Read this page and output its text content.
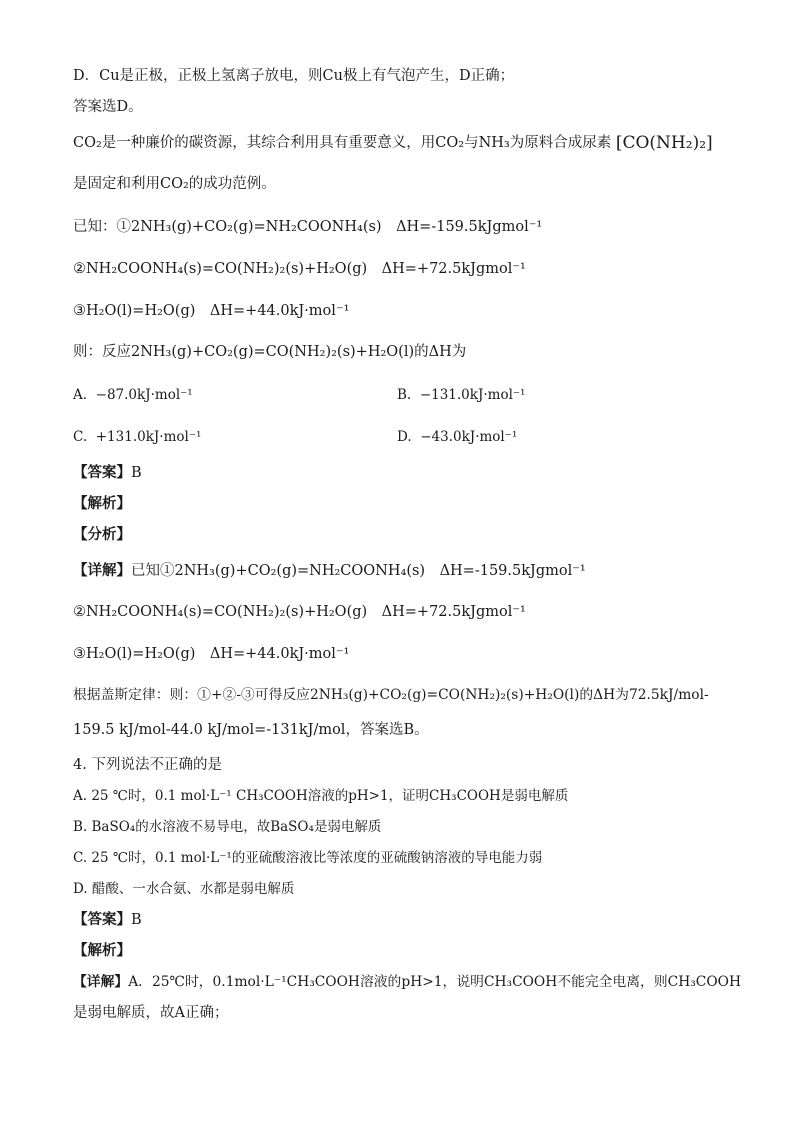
D．Cu是正极，正极上氢离子放电，则Cu极上有气泡产生，D正确；
答案选D。
CO₂是一种廉价的碳资源，其综合利用具有重要意义，用CO₂与NH₃为原料合成尿素 [CO(NH₂)₂]
是固定和利用CO₂的成功范例。
已知：①2NH₃(g)+CO₂(g)=NH₂COONH₄(s)　ΔH=-159.5kJgmol⁻¹
②NH₂COONH₄(s)=CO(NH₂)₂(s)+H₂O(g)　ΔH=+72.5kJgmol⁻¹
③H₂O(l)=H₂O(g)　ΔH=+44.0kJ·mol⁻¹
则：反应2NH₃(g)+CO₂(g)=CO(NH₂)₂(s)+H₂O(l)的ΔH为
A. −87.0kJ·mol⁻¹	B. −131.0kJ·mol⁻¹
C. +131.0kJ·mol⁻¹	D. −43.0kJ·mol⁻¹
【答案】B
【解析】
【分析】
【详解】已知①2NH₃(g)+CO₂(g)=NH₂COONH₄(s)　ΔH=-159.5kJgmol⁻¹
②NH₂COONH₄(s)=CO(NH₂)₂(s)+H₂O(g)　ΔH=+72.5kJgmol⁻¹
③H₂O(l)=H₂O(g)　ΔH=+44.0kJ·mol⁻¹
根据盖斯定律：则：①+②-③可得反应2NH₃(g)+CO₂(g)=CO(NH₂)₂(s)+H₂O(l)的ΔH为72.5kJ/mol-
159.5 kJ/mol-44.0 kJ/mol=-131kJ/mol，答案选B。
4. 下列说法不正确的是
A. 25 ℃时，0.1 mol·L⁻¹ CH₃COOH溶液的pH>1，证明CH₃COOH是弱电解质
B. BaSO₄的水溶液不易导电，故BaSO₄是弱电解质
C. 25 ℃时，0.1 mol·L⁻¹的亚硫酸溶液比等浓度的亚硫酸钠溶液的导电能力弱
D. 醋酸、一水合氨、水都是弱电解质
【答案】B
【解析】
【详解】A．25℃时，0.1mol·L⁻¹CH₃COOH溶液的pH>1，说明CH₃COOH不能完全电离，则CH₃COOH
是弱电解质，故A正确；
